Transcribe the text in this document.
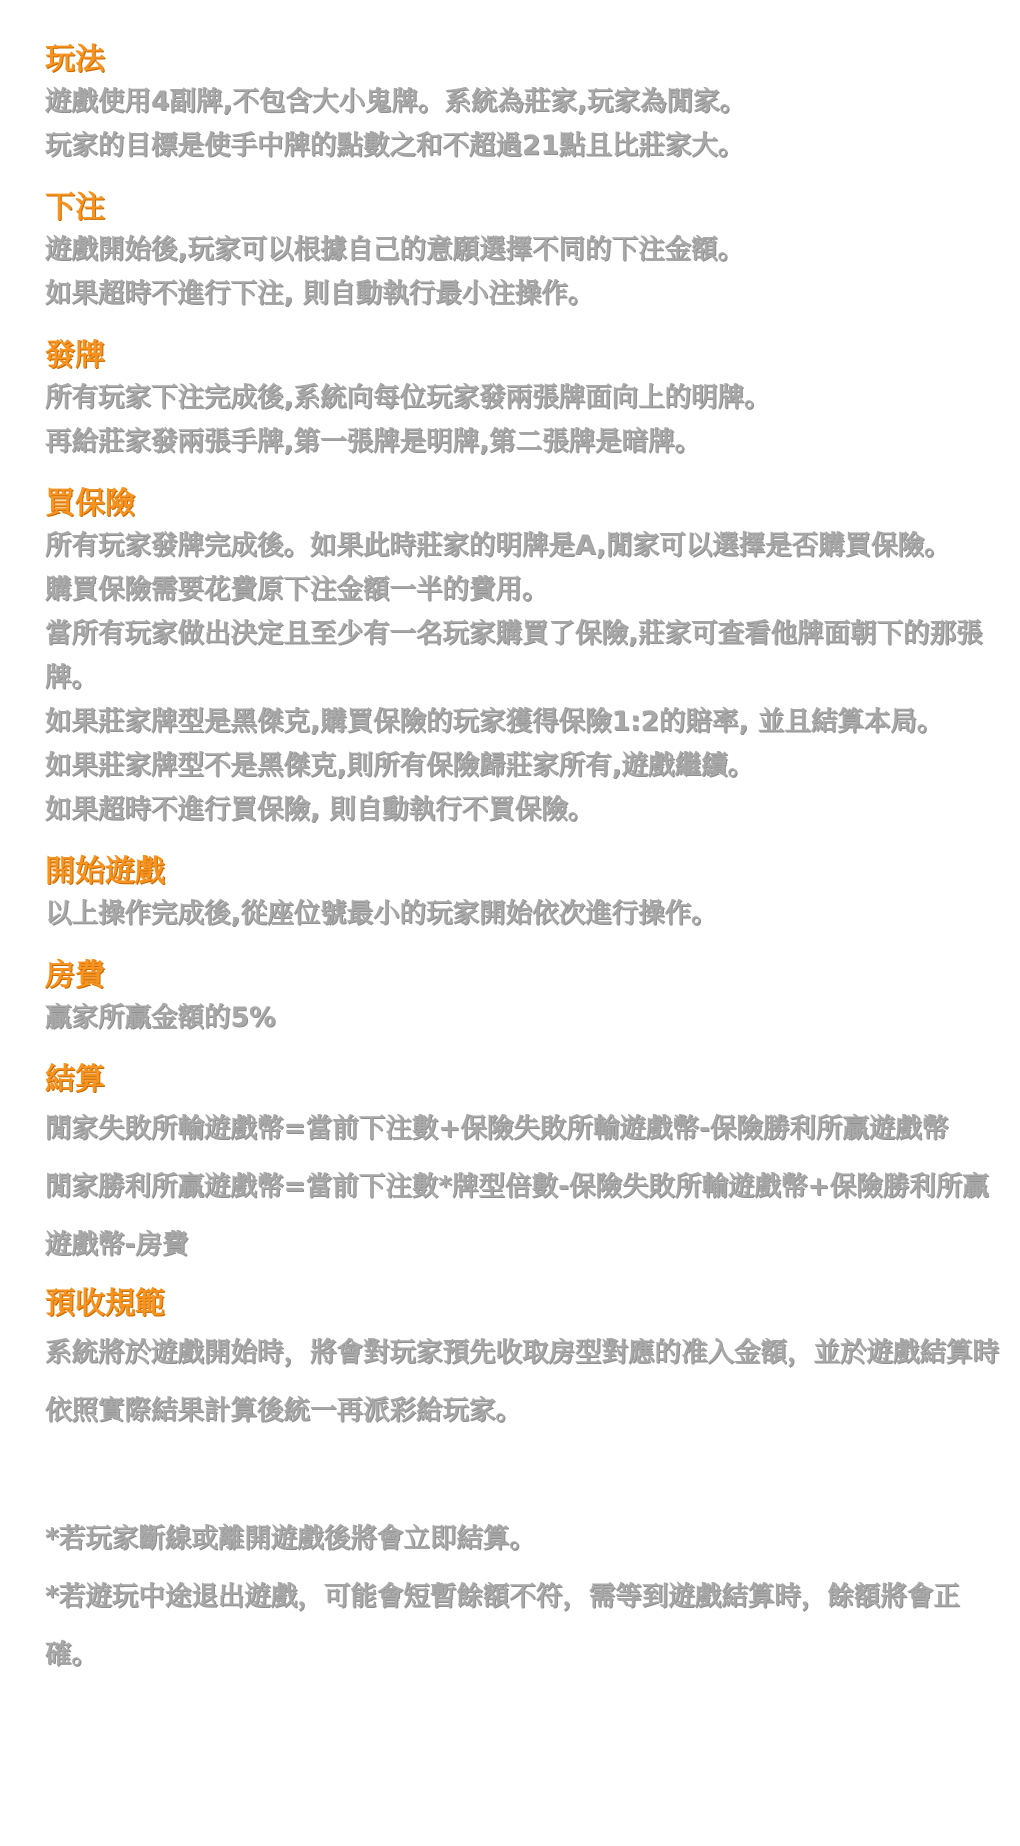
玩法

遊戲使用4副牌,不包含大小鬼牌。系統為莊家,玩家為閒家。

玩家的目標是使手中牌的點數之和不超過21點且比莊家大。

下注

遊戲開始後,玩家可以根據自己的意願選擇不同的下注金額。

如果超時不進行下注, 則自動執行最小注操作。

發牌

所有玩家下注完成後,系統向每位玩家發兩張牌面向上的明牌。

再給莊家發兩張手牌,第一張牌是明牌,第二張牌是暗牌。

買保險

所有玩家發牌完成後。如果此時莊家的明牌是A,閒家可以選擇是否購買保險。

購買保險需要花費原下注金額一半的費用。

當所有玩家做出決定且至少有一名玩家購買了保險,莊家可查看他牌面朝下的那張牌。

如果莊家牌型是黑傑克,購買保險的玩家獲得保險1:2的賠率, 並且結算本局。

如果莊家牌型不是黑傑克,則所有保險歸莊家所有,遊戲繼續。

如果超時不進行買保險, 則自動執行不買保險。

開始遊戲

以上操作完成後,從座位號最小的玩家開始依次進行操作。

房費

贏家所贏金額的5%

結算

閒家失敗所輸遊戲幣=當前下注數+保險失敗所輸遊戲幣-保險勝利所贏遊戲幣

閒家勝利所贏遊戲幣=當前下注數*牌型倍數-保險失敗所輸遊戲幣+保險勝利所贏遊戲幣-房費

預收規範

系統將於遊戲開始時，將會對玩家預先收取房型對應的准入金額，並於遊戲結算時依照實際結果計算後統一再派彩給玩家。

*若玩家斷線或離開遊戲後將會立即結算。

*若遊玩中途退出遊戲，可能會短暫餘額不符，需等到遊戲結算時，餘額將會正確。
